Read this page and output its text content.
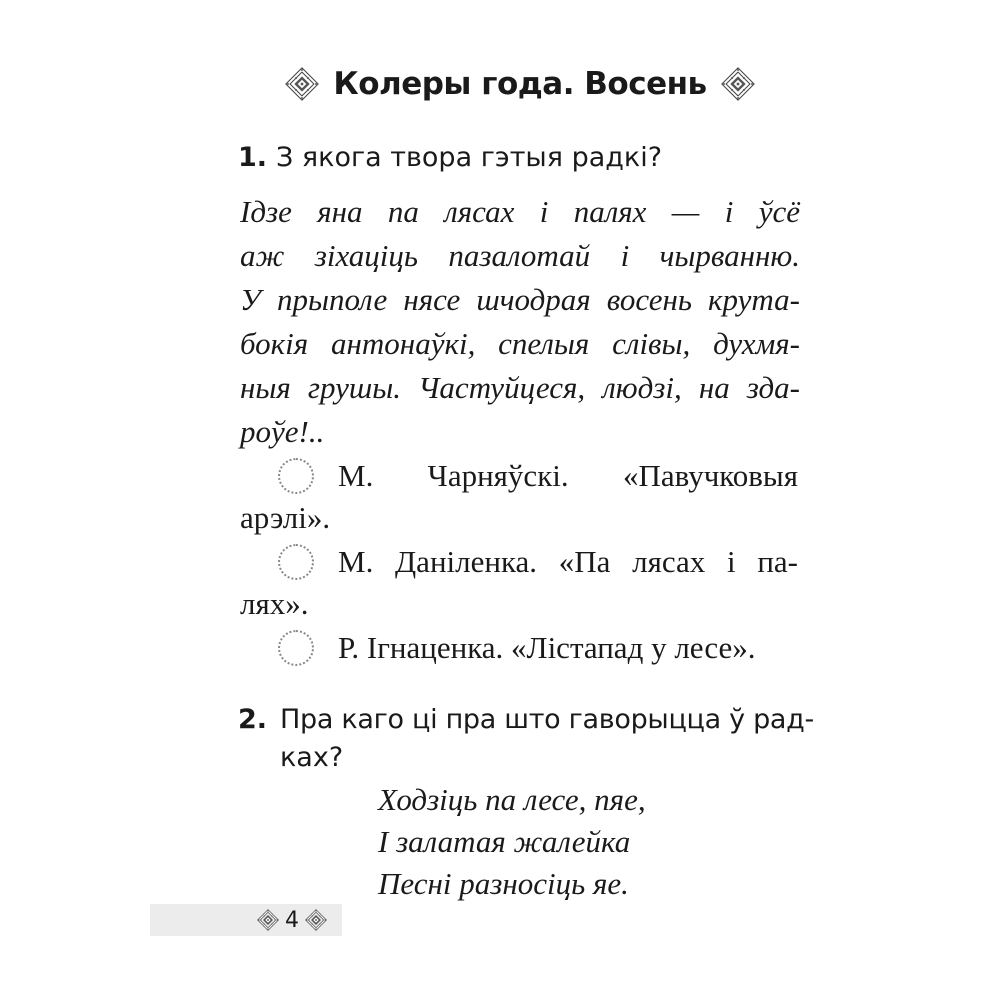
Колеры года. Восень
1. З якога твора гэтыя радкі?
Ідзе яна па лясах і палях — і ўсё
аж зіхаціць пазалотай і чырванню.
У прыполе нясе шчодрая восень крута-
бокія антонаўкі, спелыя слівы, духмя-
ныя грушы. Частуйцеся, людзі, на зда-
роўе!..
М. Чарняўскі. «Павучковыя
арэлі».
М. Даніленка. «Па лясах і па-
лях».
Р. Ігнаценка. «Лістапад у лесе».
2. Пра каго ці пра што гаворыцца ў рад-
ках?
Ходзіць па лесе, пяе,
І залатая жалейка
Песні разносіць яе.
4
